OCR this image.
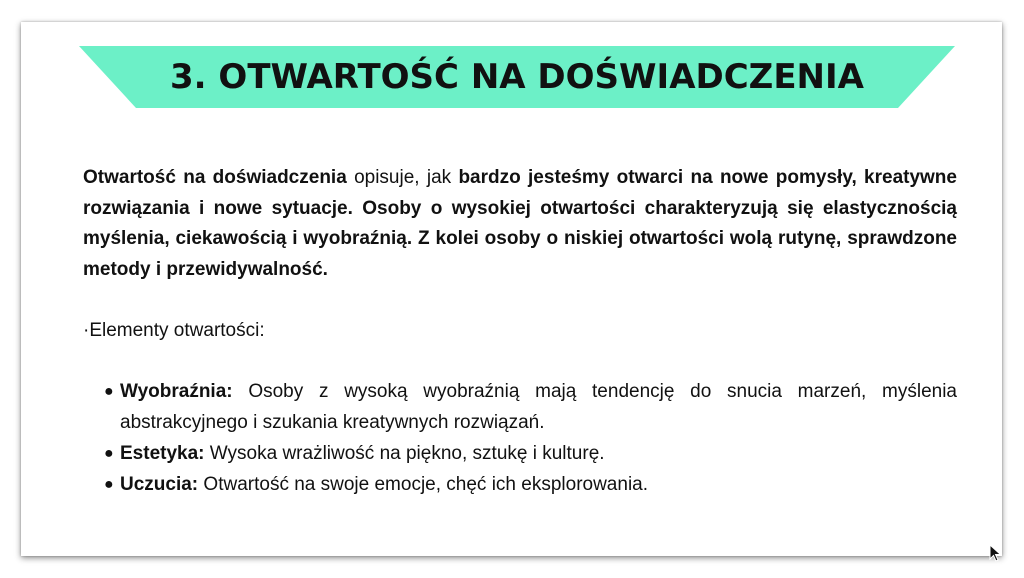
3. OTWARTOŚĆ NA DOŚWIADCZENIA
Otwartość na doświadczenia opisuje, jak bardzo jesteśmy otwarci na nowe pomysły, kreatywne rozwiązania i nowe sytuacje. Osoby o wysokiej otwartości charakteryzują się elastycznością myślenia, ciekawością i wyobraźnią. Z kolei osoby o niskiej otwartości wolą rutynę, sprawdzone metody i przewidywalność.
·Elementy otwartości:
● Wyobraźnia: Osoby z wysoką wyobraźnią mają tendencję do snucia marzeń, myślenia abstrakcyjnego i szukania kreatywnych rozwiązań.
● Estetyka: Wysoka wrażliwość na piękno, sztukę i kulturę.
● Uczucia: Otwartość na swoje emocje, chęć ich eksplorowania.
